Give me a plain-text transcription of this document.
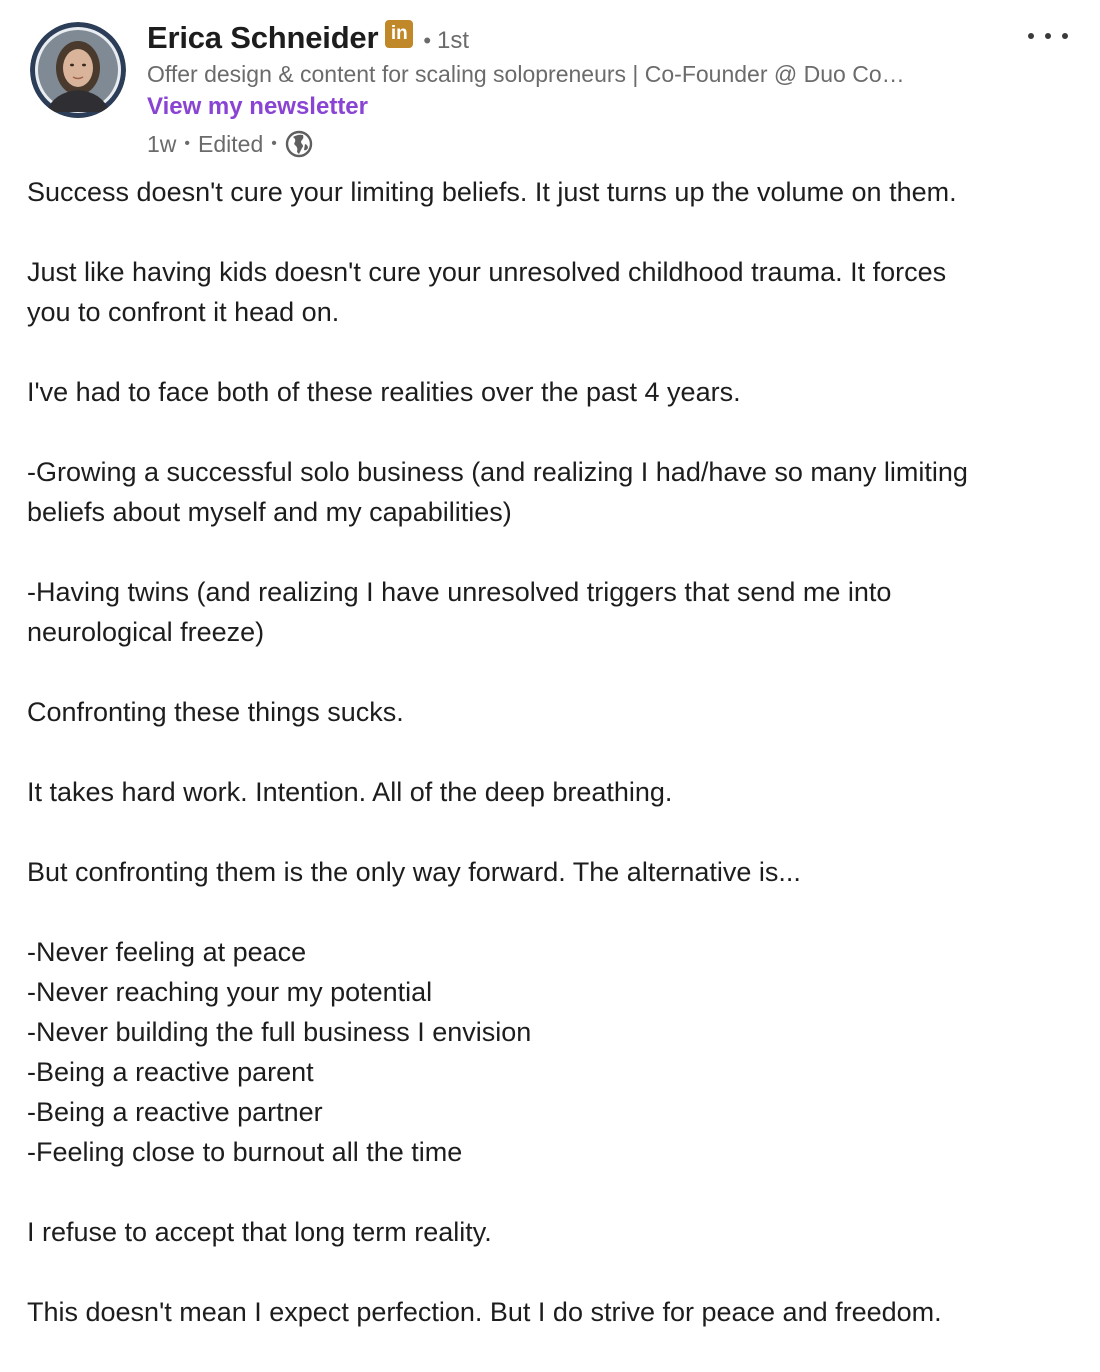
Erica Schneider in • 1st
Offer design & content for scaling solopreneurs | Co-Founder @ Duo Co…
View my newsletter
1w • Edited •

Success doesn't cure your limiting beliefs. It just turns up the volume on them.

Just like having kids doesn't cure your unresolved childhood trauma. It forces

you to confront it head on.

I've had to face both of these realities over the past 4 years.

-Growing a successful solo business (and realizing I had/have so many limiting

beliefs about myself and my capabilities)

-Having twins (and realizing I have unresolved triggers that send me into

neurological freeze)

Confronting these things sucks.

It takes hard work. Intention. All of the deep breathing.

But confronting them is the only way forward. The alternative is...

-Never feeling at peace

-Never reaching your my potential

-Never building the full business I envision

-Being a reactive parent

-Being a reactive partner

-Feeling close to burnout all the time

I refuse to accept that long term reality.

This doesn't mean I expect perfection. But I do strive for peace and freedom.
